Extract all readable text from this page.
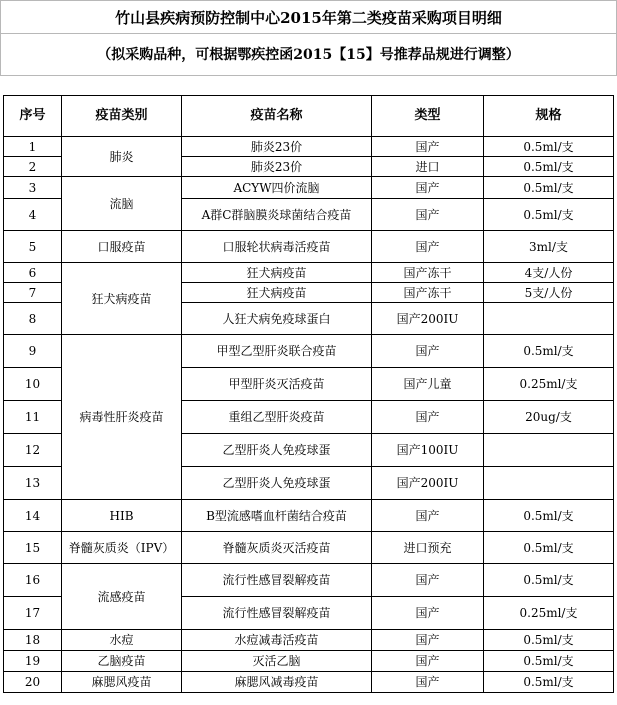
竹山县疾病预防控制中心2015年第二类疫苗采购项目明细
（拟采购品种，可根据鄂疾控函2015【15】号推荐品规进行调整）
序号	疫苗类别	疫苗名称	类型	规格
1	肺炎	肺炎23价	国产	0.5ml/支
2		肺炎23价	进口	0.5ml/支
3	流脑	ACYW四价流脑	国产	0.5ml/支
4		A群C群脑膜炎球菌结合疫苗	国产	0.5ml/支
5	口服疫苗	口服轮状病毒活疫苗	国产	3ml/支
6	狂犬病疫苗	狂犬病疫苗	国产冻干	4支/人份
7		狂犬病疫苗	国产冻干	5支/人份
8		人狂犬病免疫球蛋白	国产200IU	
9	病毒性肝炎疫苗	甲型乙型肝炎联合疫苗	国产	0.5ml/支
10		甲型肝炎灭活疫苗	国产儿童	0.25ml/支
11		重组乙型肝炎疫苗	国产	20ug/支
12		乙型肝炎人免疫球蛋	国产100IU	
13		乙型肝炎人免疫球蛋	国产200IU	
14	HIB	B型流感嗜血杆菌结合疫苗	国产	0.5ml/支
15	脊髓灰质炎（IPV）	脊髓灰质炎灭活疫苗	进口预充	0.5ml/支
16	流感疫苗	流行性感冒裂解疫苗	国产	0.5ml/支
17		流行性感冒裂解疫苗	国产	0.25ml/支
18	水痘	水痘减毒活疫苗	国产	0.5ml/支
19	乙脑疫苗	灭活乙脑	国产	0.5ml/支
20	麻腮风疫苗	麻腮风减毒疫苗	国产	0.5ml/支
